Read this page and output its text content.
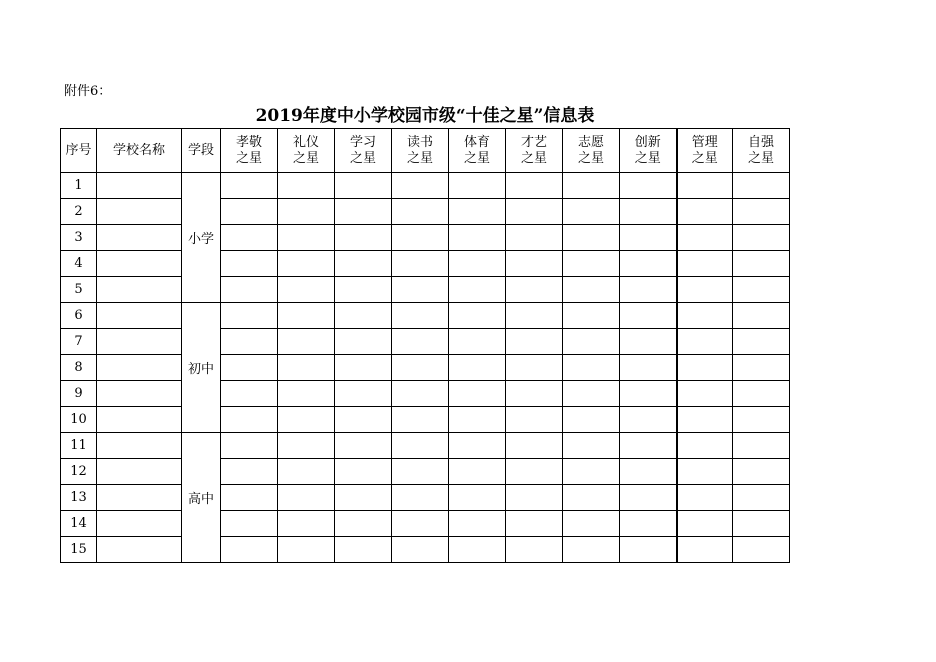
附件6：
2019年度中小学校园市级“十佳之星”信息表
序号	学校名称	学段	孝敬之星	礼仪之星	学习之星	读书之星	体育之星	才艺之星	志愿之星	创新之星	管理之星	自强之星
1		小学										
2												
3												
4												
5												
6		初中										
7												
8												
9												
10												
11		高中										
12												
13												
14												
15												
